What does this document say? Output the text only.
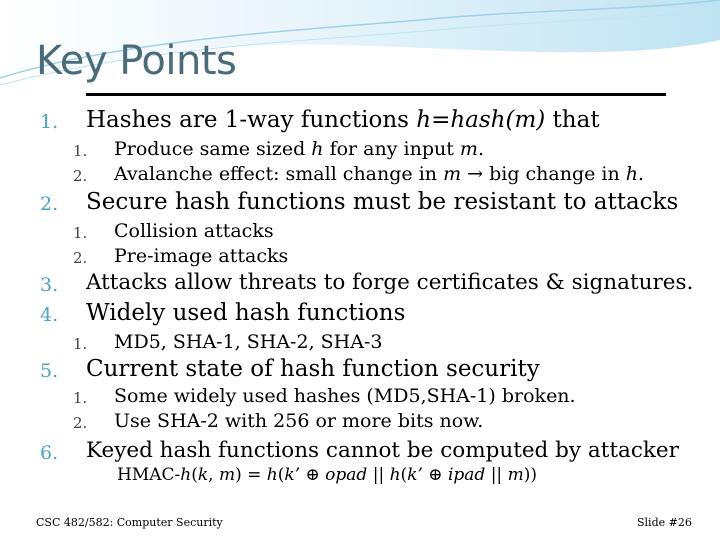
Key Points
1. Hashes are 1-way functions h=hash(m) that
1. Produce same sized h for any input m.
2. Avalanche effect: small change in m → big change in h.
2. Secure hash functions must be resistant to attacks
1. Collision attacks
2. Pre-image attacks
3. Attacks allow threats to forge certificates & signatures.
4. Widely used hash functions
1. MD5, SHA-1, SHA-2, SHA-3
5. Current state of hash function security
1. Some widely used hashes (MD5,SHA-1) broken.
2. Use SHA-2 with 256 or more bits now.
6. Keyed hash functions cannot be computed by attacker
HMAC-h(k, m) = h(k’ ⊕ opad || h(k’ ⊕ ipad || m))
CSC 482/582: Computer Security	Slide #26
